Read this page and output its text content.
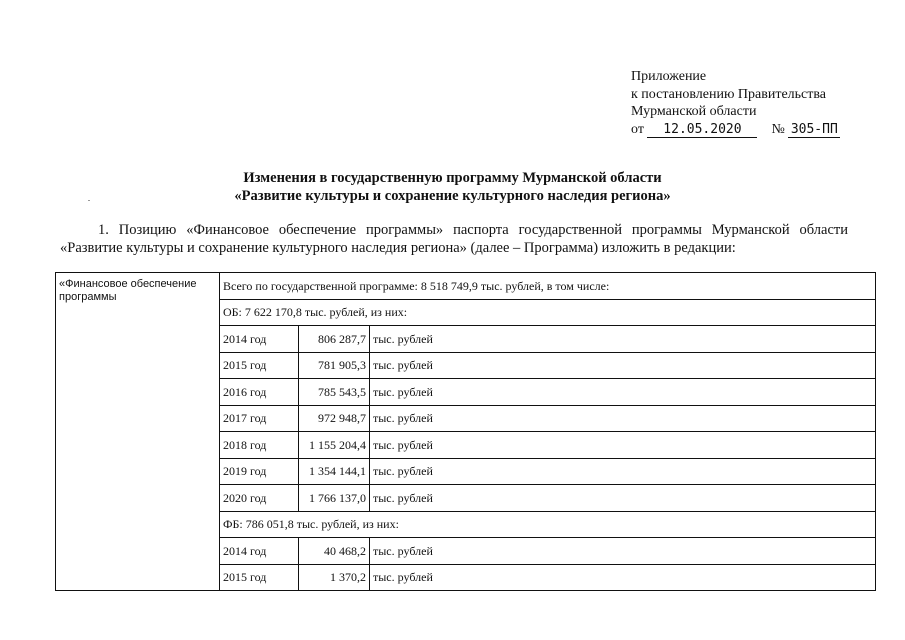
Приложение
к постановлению Правительства
Мурманской области
от 12.05.2020 № 305-ПП
Изменения в государственную программу Мурманской области
«Развитие культуры и сохранение культурного наследия региона»
1. Позицию «Финансовое обеспечение программы» паспорта государственной программы Мурманской области «Развитие культуры и сохранение культурного наследия региона» (далее – Программа) изложить в редакции:
«Финансовое обеспечение программы	Всего по государственной программе: 8 518 749,9 тыс. рублей, в том числе:		
	ОБ: 7 622 170,8 тыс. рублей, из них:		
	2014 год	806 287,7	тыс. рублей
	2015 год	781 905,3	тыс. рублей
	2016 год	785 543,5	тыс. рублей
	2017 год	972 948,7	тыс. рублей
	2018 год	1 155 204,4	тыс. рублей
	2019 год	1 354 144,1	тыс. рублей
	2020 год	1 766 137,0	тыс. рублей
	ФБ: 786 051,8 тыс. рублей, из них:		
	2014 год	40 468,2	тыс. рублей
	2015 год	1 370,2	тыс. рублей
